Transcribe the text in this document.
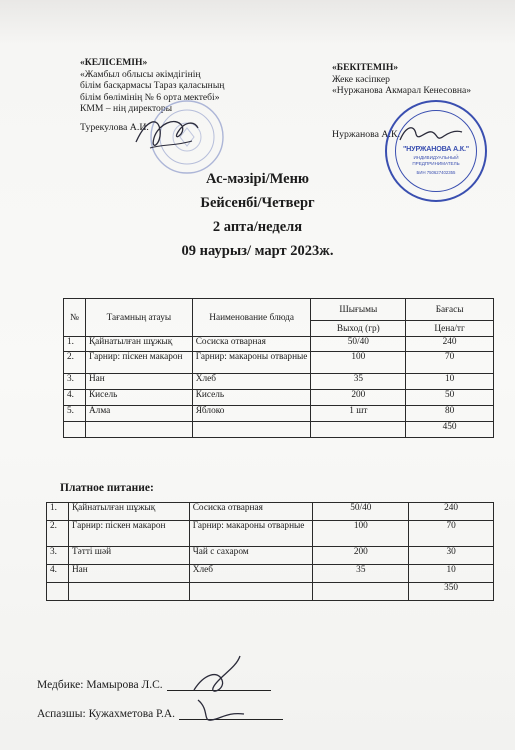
«КЕЛІСЕМІН»
«Жамбыл облысы әкімдігінің
білім басқармасы Тараз қаласының
білім бөлімінің № 6 орта мектебі»
КММ – нің директоры
Турекулова А.И.
«БЕКІТЕМІН»
Жеке кәсіпкер
«Нуржанова Акмарал Кенесовна»
Нуржанова А.К.
"НУРЖАНОВА А.К."
ИНДИВИДУАЛЬНЫЙ
ПРЕДПРИНИМАТЕЛЬ
БИН 750627402355
Ас-мәзірі/Меню
Бейсенбі/Четверг
2 апта/неделя
09 наурыз/ март 2023ж.
№	Тағамның атауы	Наименование блюда	Шығымы	Бағасы
			Выход (гр)	Цена/тг
1.	Қайнатылған шұжық	Сосиска отварная	50/40	240
2.	Гарнир: піскен макарон	Гарнир: макароны отварные	100	70
3.	Нан	Хлеб	35	10
4.	Кисель	Кисель	200	50
5.	Алма	Яблоко	1 шт	80
				450
Платное питание:
1.	Қайнатылған шұжық	Сосиска отварная	50/40	240
2.	Гарнир: піскен макарон	Гарнир: макароны отварные	100	70
3.	Тәтті шәй	Чай с сахаром	200	30
4.	Нан	Хлеб	35	10
				350
Медбике: Мамырова Л.С.
Аспазшы: Кужахметова Р.А.
